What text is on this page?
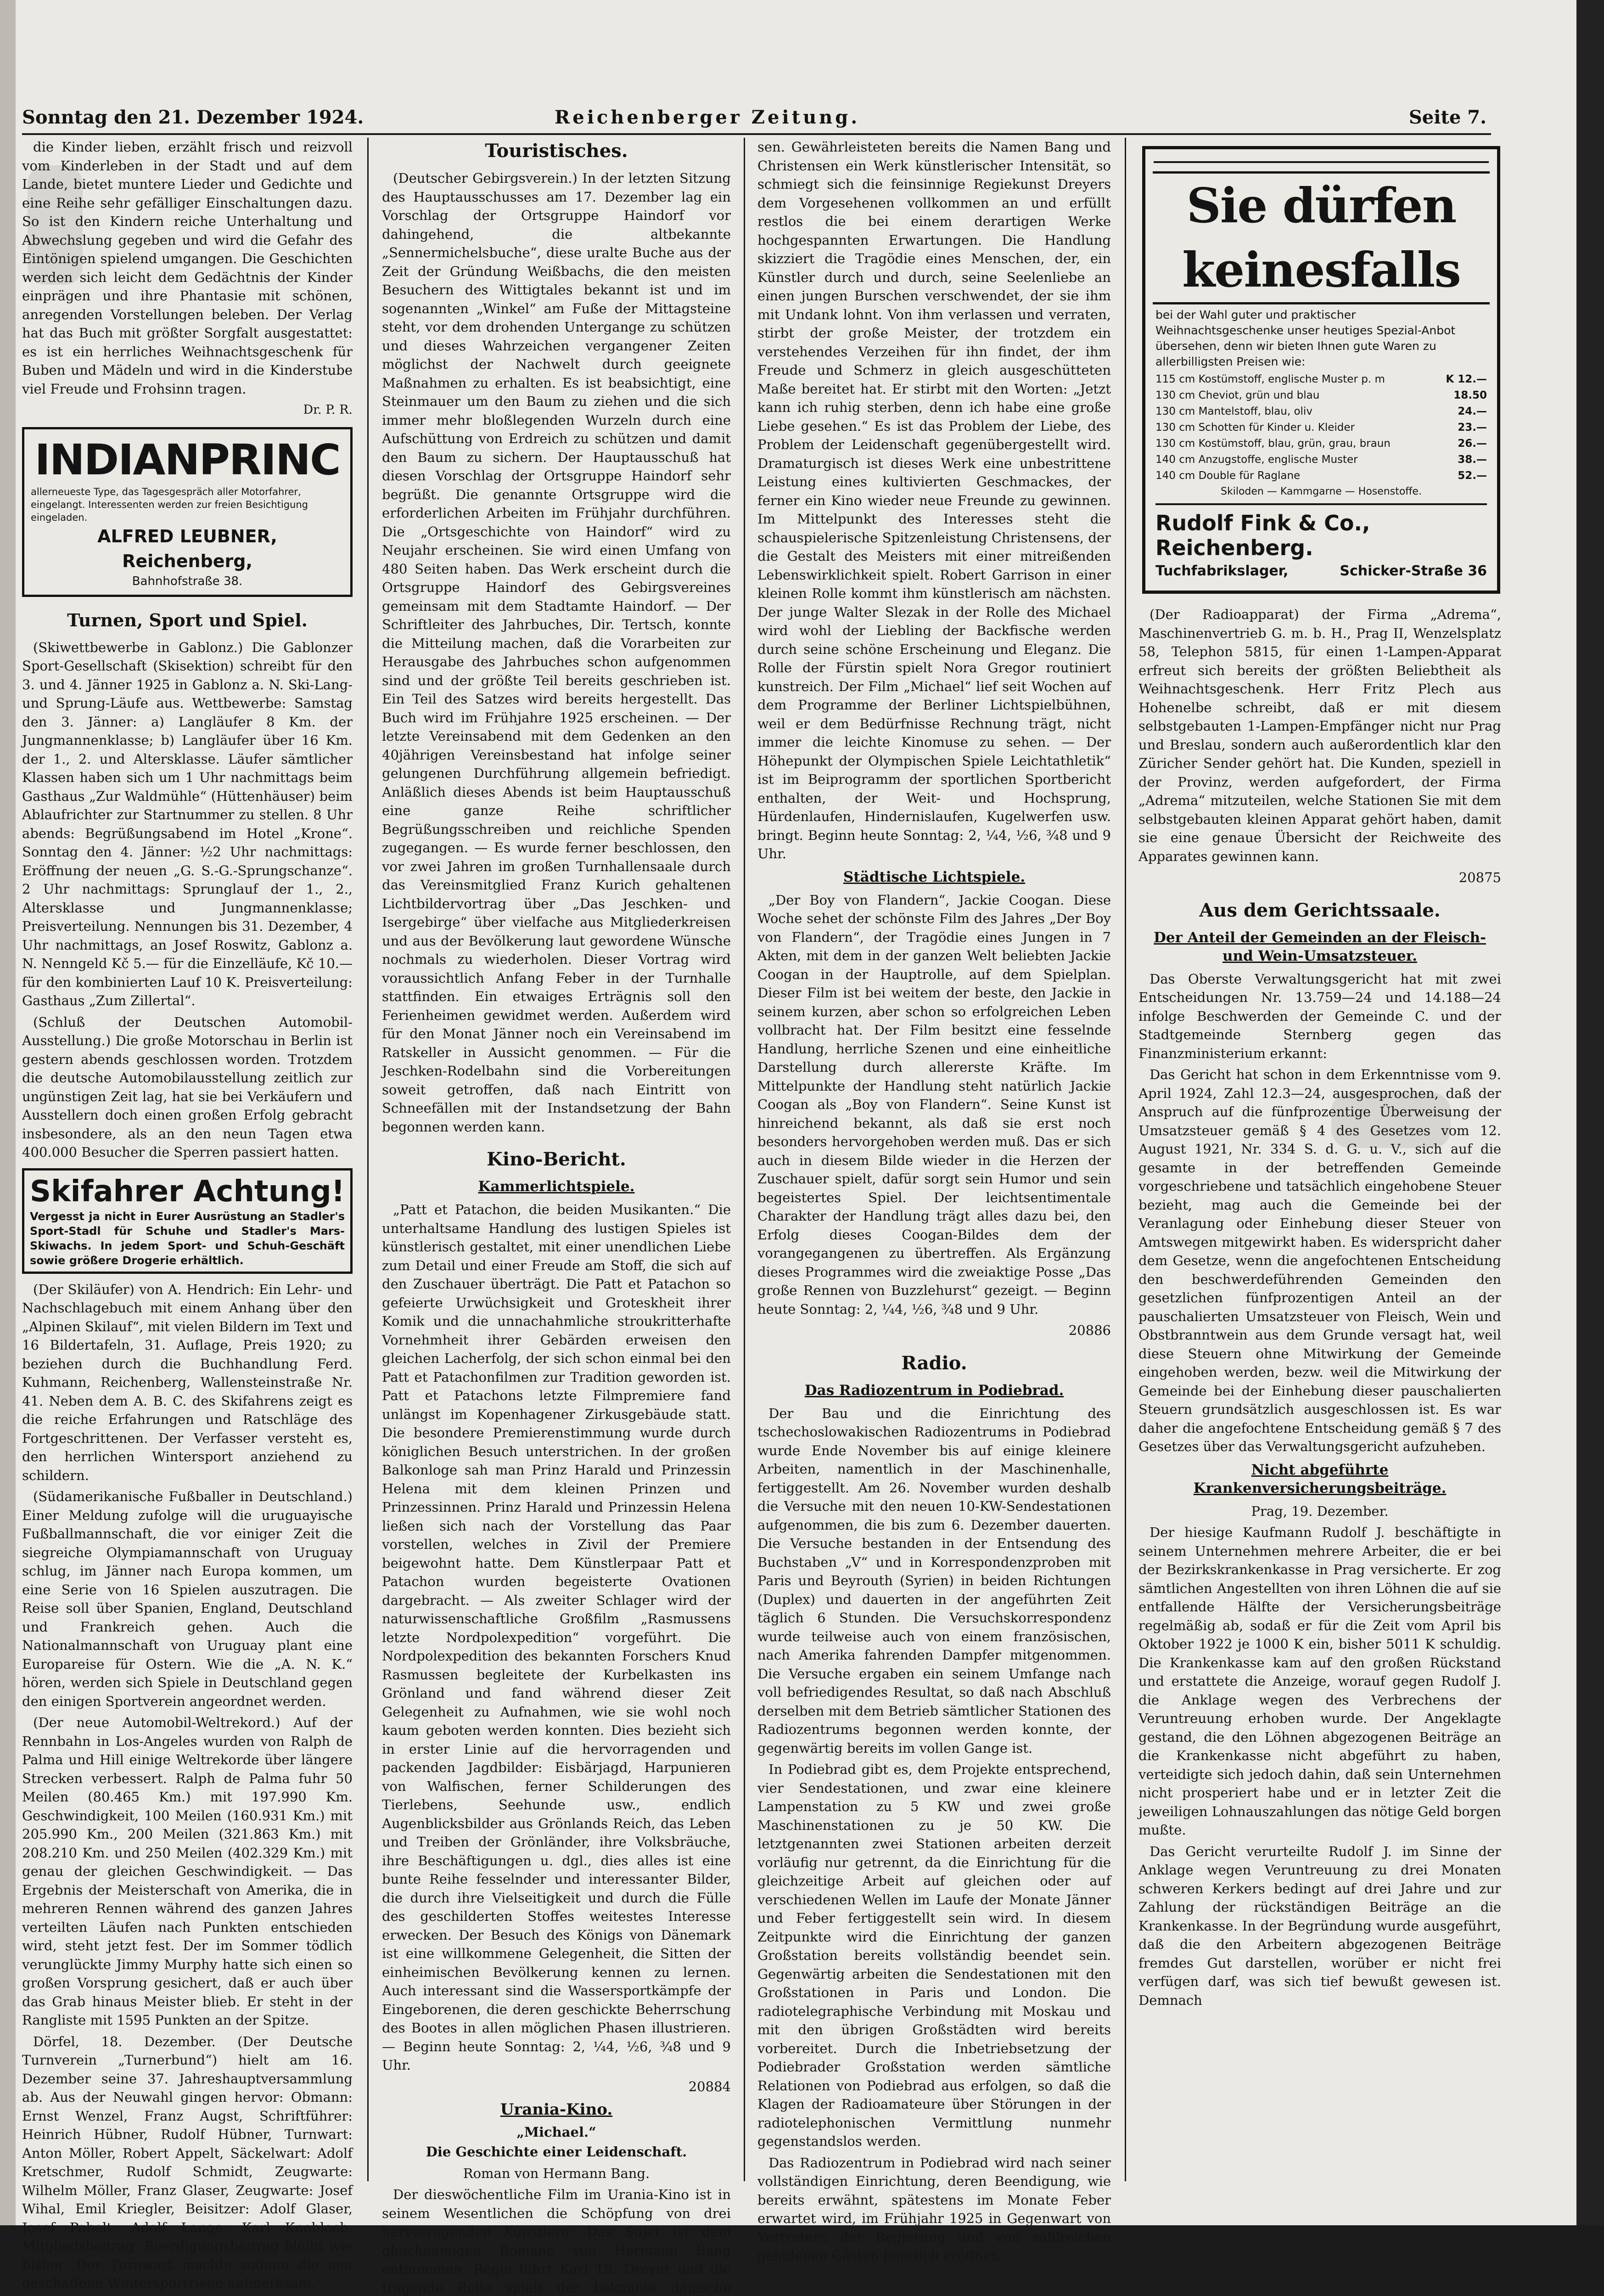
Sonntag den 21. Dezember 1924.	Reichenberger Zeitung.	Seite 7.

die Kinder lieben, erzählt frisch und reizvoll vom Kinderleben in der Stadt und auf dem Lande, bietet muntere Lieder und Gedichte und eine Reihe sehr gefälliger Einschaltungen dazu. So ist den Kindern reiche Unterhaltung und Abwechslung gegeben und wird die Gefahr des Eintönigen spielend umgangen. Die Geschichten werden sich leicht dem Gedächtnis der Kinder einprägen und ihre Phantasie mit schönen, anregenden Vorstellungen beleben. Der Verlag hat das Buch mit größter Sorgfalt ausgestattet: es ist ein herrliches Weihnachtsgeschenk für Buben und Mädeln und wird in die Kinderstube viel Freude und Frohsinn tragen.

Dr. P. R.

INDIANPRINC
allerneueste Type, das Tagesgespräch aller Motorfahrer, eingelangt. Interessenten werden zur freien Besichtigung eingeladen.
ALFRED LEUBNER, Reichenberg,
Bahnhofstraße 38.
Turnen, Sport und Spiel.

(Skiwettbewerbe in Gablonz.) Die Gablonzer Sport-Gesellschaft (Skisektion) schreibt für den 3. und 4. Jänner 1925 in Gablonz a. N. Ski-Lang- und Sprung-Läufe aus. Wettbewerbe: Samstag den 3. Jänner: a) Langläufer 8 Km. der Jungmannenklasse; b) Langläufer über 16 Km. der 1., 2. und Altersklasse. Läufer sämtlicher Klassen haben sich um 1 Uhr nachmittags beim Gasthaus „Zur Waldmühle“ (Hüttenhäuser) beim Ablaufrichter zur Startnummer zu stellen. 8 Uhr abends: Begrüßungsabend im Hotel „Krone“. Sonntag den 4. Jänner: ½2 Uhr nachmittags: Eröffnung der neuen „G. S.-G.-Sprungschanze“. 2 Uhr nachmittags: Sprunglauf der 1., 2., Altersklasse und Jungmannenklasse; Preisverteilung. Nennungen bis 31. Dezember, 4 Uhr nachmittags, an Josef Roswitz, Gablonz a. N. Nenngeld Kč 5.— für die Einzelläufe, Kč 10.— für den kombinierten Lauf 10 K. Preisverteilung: Gasthaus „Zum Zillertal“.

(Schluß der Deutschen Automobil-Ausstellung.) Die große Motorschau in Berlin ist gestern abends geschlossen worden. Trotzdem die deutsche Automobilausstellung zeitlich zur ungünstigen Zeit lag, hat sie bei Verkäufern und Ausstellern doch einen großen Erfolg gebracht insbesondere, als an den neun Tagen etwa 400.000 Besucher die Sperren passiert hatten.

Skifahrer Achtung!
Vergesst ja nicht in Eurer Ausrüstung an Stadler's Sport-Stadl für Schuhe und Stadler's Mars-Skiwachs. In jedem Sport- und Schuh-Geschäft sowie größere Drogerie erhältlich.

(Der Skiläufer) von A. Hendrich: Ein Lehr- und Nachschlagebuch mit einem Anhang über den „Alpinen Skilauf“, mit vielen Bildern im Text und 16 Bildertafeln, 31. Auflage, Preis 1920; zu beziehen durch die Buchhandlung Ferd. Kuhmann, Reichenberg, Wallensteinstraße Nr. 41. Neben dem A. B. C. des Skifahrens zeigt es die reiche Erfahrungen und Ratschläge des Fortgeschrittenen. Der Verfasser versteht es, den herrlichen Wintersport anziehend zu schildern.

(Südamerikanische Fußballer in Deutschland.) Einer Meldung zufolge will die uruguayische Fußballmannschaft, die vor einiger Zeit die siegreiche Olympiamannschaft von Uruguay schlug, im Jänner nach Europa kommen, um eine Serie von 16 Spielen auszutragen. Die Reise soll über Spanien, England, Deutschland und Frankreich gehen. Auch die Nationalmannschaft von Uruguay plant eine Europareise für Ostern. Wie die „A. N. K.“ hören, werden sich Spiele in Deutschland gegen den einigen Sportverein angeordnet werden.

(Der neue Automobil-Weltrekord.) Auf der Rennbahn in Los-Angeles wurden von Ralph de Palma und Hill einige Weltrekorde über längere Strecken verbessert. Ralph de Palma fuhr 50 Meilen (80.465 Km.) mit 197.990 Km. Geschwindigkeit, 100 Meilen (160.931 Km.) mit 205.990 Km., 200 Meilen (321.863 Km.) mit 208.210 Km. und 250 Meilen (402.329 Km.) mit genau der gleichen Geschwindigkeit. — Das Ergebnis der Meisterschaft von Amerika, die in mehreren Rennen während des ganzen Jahres verteilten Läufen nach Punkten entschieden wird, steht jetzt fest. Der im Sommer tödlich verunglückte Jimmy Murphy hatte sich einen so großen Vorsprung gesichert, daß er auch über das Grab hinaus Meister blieb. Er steht in der Rangliste mit 1595 Punkten an der Spitze.

Dörfel, 18. Dezember. (Der Deutsche Turnverein „Turnerbund“) hielt am 16. Dezember seine 37. Jahreshauptversammlung ab. Aus der Neuwahl gingen hervor: Obmann: Ernst Wenzel, Franz Augst, Schriftführer: Heinrich Hübner, Rudolf Hübner, Turnwart: Anton Möller, Robert Appelt, Säckelwart: Adolf Kretschmer, Rudolf Schmidt, Zeugwarte: Wilhelm Möller, Franz Glaser, Zeugwarte: Josef Wihal, Emil Kriegler, Beisitzer: Adolf Glaser, Josef Pabelt, Adolf Lange, Karl Knobloch. Mitgliedsbeitrag, Beerdigungsbeitrag bleibt wie bisher. Der Turnwart machte sodann die neu geschaffene Wintersportriege aufmerksam.

Touristisches.

(Deutscher Gebirgsverein.) In der letzten Sitzung des Hauptausschusses am 17. Dezember lag ein Vorschlag der Ortsgruppe Haindorf vor dahingehend, die altbekannte „Sennermichelsbuche“, diese uralte Buche aus der Zeit der Gründung Weißbachs, die den meisten Besuchern des Wittigtales bekannt ist und im sogenannten „Winkel“ am Fuße der Mittagsteine steht, vor dem drohenden Untergange zu schützen und dieses Wahrzeichen vergangener Zeiten möglichst der Nachwelt durch geeignete Maßnahmen zu erhalten. Es ist beabsichtigt, eine Steinmauer um den Baum zu ziehen und die sich immer mehr bloßlegenden Wurzeln durch eine Aufschüttung von Erdreich zu schützen und damit den Baum zu sichern. Der Hauptausschuß hat diesen Vorschlag der Ortsgruppe Haindorf sehr begrüßt. Die genannte Ortsgruppe wird die erforderlichen Arbeiten im Frühjahr durchführen. Die „Ortsgeschichte von Haindorf“ wird zu Neujahr erscheinen. Sie wird einen Umfang von 480 Seiten haben. Das Werk erscheint durch die Ortsgruppe Haindorf des Gebirgsvereines gemeinsam mit dem Stadtamte Haindorf. — Der Schriftleiter des Jahrbuches, Dir. Tertsch, konnte die Mitteilung machen, daß die Vorarbeiten zur Herausgabe des Jahrbuches schon aufgenommen sind und der größte Teil bereits geschrieben ist. Ein Teil des Satzes wird bereits hergestellt. Das Buch wird im Frühjahre 1925 erscheinen. — Der letzte Vereinsabend mit dem Gedenken an den 40jährigen Vereinsbestand hat infolge seiner gelungenen Durchführung allgemein befriedigt. Anläßlich dieses Abends ist beim Hauptausschuß eine ganze Reihe schriftlicher Begrüßungsschreiben und reichliche Spenden zugegangen. — Es wurde ferner beschlossen, den vor zwei Jahren im großen Turnhallensaale durch das Vereinsmitglied Franz Kurich gehaltenen Lichtbildervortrag über „Das Jeschken- und Isergebirge“ über vielfache aus Mitgliederkreisen und aus der Bevölkerung laut gewordene Wünsche nochmals zu wiederholen. Dieser Vortrag wird voraussichtlich Anfang Feber in der Turnhalle stattfinden. Ein etwaiges Erträgnis soll den Ferienheimen gewidmet werden. Außerdem wird für den Monat Jänner noch ein Vereinsabend im Ratskeller in Aussicht genommen. — Für die Jeschken-Rodelbahn sind die Vorbereitungen soweit getroffen, daß nach Eintritt von Schneefällen mit der Instandsetzung der Bahn begonnen werden kann.

Kino-Bericht.
Kammerlichtspiele.

„Patt et Patachon, die beiden Musikanten.“ Die unterhaltsame Handlung des lustigen Spieles ist künstlerisch gestaltet, mit einer unendlichen Liebe zum Detail und einer Freude am Stoff, die sich auf den Zuschauer überträgt. Die Patt et Patachon so gefeierte Urwüchsigkeit und Groteskheit ihrer Komik und die unnachahmliche stroukritterhafte Vornehmheit ihrer Gebärden erweisen den gleichen Lacherfolg, der sich schon einmal bei den Patt et Patachonfilmen zur Tradition geworden ist. Patt et Patachons letzte Filmpremiere fand unlängst im Kopenhagener Zirkusgebäude statt. Die besondere Premierenstimmung wurde durch königlichen Besuch unterstrichen. In der großen Balkonloge sah man Prinz Harald und Prinzessin Helena mit dem kleinen Prinzen und Prinzessinnen. Prinz Harald und Prinzessin Helena ließen sich nach der Vorstellung das Paar vorstellen, welches in Zivil der Premiere beigewohnt hatte. Dem Künstlerpaar Patt et Patachon wurden begeisterte Ovationen dargebracht. — Als zweiter Schlager wird der naturwissenschaftliche Großfilm „Rasmussens letzte Nordpolexpedition“ vorgeführt. Die Nordpolexpedition des bekannten Forschers Knud Rasmussen begleitete der Kurbelkasten ins Grönland und fand während dieser Zeit Gelegenheit zu Aufnahmen, wie sie wohl noch kaum geboten werden konnten. Dies bezieht sich in erster Linie auf die hervorragenden und packenden Jagdbilder: Eisbärjagd, Harpunieren von Walfischen, ferner Schilderungen des Tierlebens, Seehunde usw., endlich Augenblicksbilder aus Grönlands Reich, das Leben und Treiben der Grönländer, ihre Volksbräuche, ihre Beschäftigungen u. dgl., dies alles ist eine bunte Reihe fesselnder und interessanter Bilder, die durch ihre Vielseitigkeit und durch die Fülle des geschilderten Stoffes weitestes Interesse erwecken. Der Besuch des Königs von Dänemark ist eine willkommene Gelegenheit, die Sitten der einheimischen Bevölkerung kennen zu lernen. Auch interessant sind die Wassersportkämpfe der Eingeborenen, die deren geschickte Beherrschung des Bootes in allen möglichen Phasen illustrieren. — Beginn heute Sonntag: 2, ¼4, ½6, ¾8 und 9 Uhr.

20884

Urania-Kino.
„Michael.“

Die Geschichte einer Leidenschaft.

Roman von Hermann Bang.

Der dieswöchentliche Film im Urania-Kino ist in seinem Wesentlichen die Schöpfung von drei hervorragenden Künstlern: Das Sujet ist dem gleichnamigen Romane von Hermann Bang entnommen, Regie führt Karl Th. Dreyer und die tragende Rolle spielt der bekannte dänische

sen. Gewährleisteten bereits die Namen Bang und Christensen ein Werk künstlerischer Intensität, so schmiegt sich die feinsinnige Regiekunst Dreyers dem Vorgesehenen vollkommen an und erfüllt restlos die bei einem derartigen Werke hochgespannten Erwartungen. Die Handlung skizziert die Tragödie eines Menschen, der, ein Künstler durch und durch, seine Seelenliebe an einen jungen Burschen verschwendet, der sie ihm mit Undank lohnt. Von ihm verlassen und verraten, stirbt der große Meister, der trotzdem ein verstehendes Verzeihen für ihn findet, der ihm Freude und Schmerz in gleich ausgeschütteten Maße bereitet hat. Er stirbt mit den Worten: „Jetzt kann ich ruhig sterben, denn ich habe eine große Liebe gesehen.“ Es ist das Problem der Liebe, des Problem der Leidenschaft gegenübergestellt wird. Dramaturgisch ist dieses Werk eine unbestrittene Leistung eines kultivierten Geschmackes, der ferner ein Kino wieder neue Freunde zu gewinnen. Im Mittelpunkt des Interesses steht die schauspielerische Spitzenleistung Christensens, der die Gestalt des Meisters mit einer mitreißenden Lebenswirklichkeit spielt. Robert Garrison in einer kleinen Rolle kommt ihm künstlerisch am nächsten. Der junge Walter Slezak in der Rolle des Michael wird wohl der Liebling der Backfische werden durch seine schöne Erscheinung und Eleganz. Die Rolle der Fürstin spielt Nora Gregor routiniert kunstreich. Der Film „Michael“ lief seit Wochen auf dem Programme der Berliner Lichtspielbühnen, weil er dem Bedürfnisse Rechnung trägt, nicht immer die leichte Kinomuse zu sehen. — Der Höhepunkt der Olympischen Spiele Leichtathletik“ ist im Beiprogramm der sportlichen Sportbericht enthalten, der Weit- und Hochsprung, Hürdenlaufen, Hindernislaufen, Kugelwerfen usw. bringt. Beginn heute Sonntag: 2, ¼4, ½6, ¾8 und 9 Uhr.

Städtische Lichtspiele.

„Der Boy von Flandern“, Jackie Coogan. Diese Woche sehet der schönste Film des Jahres „Der Boy von Flandern“, der Tragödie eines Jungen in 7 Akten, mit dem in der ganzen Welt beliebten Jackie Coogan in der Hauptrolle, auf dem Spielplan. Dieser Film ist bei weitem der beste, den Jackie in seinem kurzen, aber schon so erfolgreichen Leben vollbracht hat. Der Film besitzt eine fesselnde Handlung, herrliche Szenen und eine einheitliche Darstellung durch allererste Kräfte. Im Mittelpunkte der Handlung steht natürlich Jackie Coogan als „Boy von Flandern“. Seine Kunst ist hinreichend bekannt, als daß sie erst noch besonders hervorgehoben werden muß. Das er sich auch in diesem Bilde wieder in die Herzen der Zuschauer spielt, dafür sorgt sein Humor und sein begeistertes Spiel. Der leichtsentimentale Charakter der Handlung trägt alles dazu bei, den Erfolg dieses Coogan-Bildes dem der vorangegangenen zu übertreffen. Als Ergänzung dieses Programmes wird die zweiaktige Posse „Das große Rennen von Buzzlehurst“ gezeigt. — Beginn heute Sonntag: 2, ¼4, ½6, ¾8 und 9 Uhr.

20886

Radio.
Das Radiozentrum in Podiebrad.

Der Bau und die Einrichtung des tschechoslowakischen Radiozentrums in Podiebrad wurde Ende November bis auf einige kleinere Arbeiten, namentlich in der Maschinenhalle, fertiggestellt. Am 26. November wurden deshalb die Versuche mit den neuen 10-KW-Sendestationen aufgenommen, die bis zum 6. Dezember dauerten. Die Versuche bestanden in der Entsendung des Buchstaben „V“ und in Korrespondenzproben mit Paris und Beyrouth (Syrien) in beiden Richtungen (Duplex) und dauerten in der angeführten Zeit täglich 6 Stunden. Die Versuchskorrespondenz wurde teilweise auch von einem französischen, nach Amerika fahrenden Dampfer mitgenommen. Die Versuche ergaben ein seinem Umfange nach voll befriedigendes Resultat, so daß nach Abschluß derselben mit dem Betrieb sämtlicher Stationen des Radiozentrums begonnen werden konnte, der gegenwärtig bereits im vollen Gange ist.

In Podiebrad gibt es, dem Projekte entsprechend, vier Sendestationen, und zwar eine kleinere Lampenstation zu 5 KW und zwei große Maschinenstationen zu je 50 KW. Die letztgenannten zwei Stationen arbeiten derzeit vorläufig nur getrennt, da die Einrichtung für die gleichzeitige Arbeit auf gleichen oder auf verschiedenen Wellen im Laufe der Monate Jänner und Feber fertiggestellt sein wird. In diesem Zeitpunkte wird die Einrichtung der ganzen Großstation bereits vollständig beendet sein. Gegenwärtig arbeiten die Sendestationen mit den Großstationen in Paris und London. Die radiotelegraphische Verbindung mit Moskau und mit den übrigen Großstädten wird bereits vorbereitet. Durch die Inbetriebsetzung der Podiebrader Großstation werden sämtliche Relationen von Podiebrad aus erfolgen, so daß die Klagen der Radioamateure über Störungen in der radiotelephonischen Vermittlung nunmehr gegenstandslos werden.

Das Radiozentrum in Podiebrad wird nach seiner vollständigen Einrichtung, deren Beendigung, wie bereits erwähnt, spätestens im Monate Feber erwartet wird, im Frühjahr 1925 in Gegenwart von Vertretern der Regierung und von zahlreichen geladenen Gästen feierlich eröffnet.

Sie dürfen keinesfalls
bei der Wahl guter und praktischer Weihnachtsgeschenke unser heutiges Spezial-Anbot übersehen, denn wir bieten Ihnen gute Waren zu allerbilligsten Preisen wie:
115 cm Kostümstoff, englische Muster p. m	K 12.—
130 cm Cheviot, grün und blau	18.50
130 cm Mantelstoff, blau, oliv	24.—
130 cm Schotten für Kinder u. Kleider	23.—
130 cm Kostümstoff, blau, grün, grau, braun	26.—
140 cm Anzugstoffe, englische Muster	38.—
140 cm Double für Raglane	52.—
Skiloden — Kammgarne — Hosenstoffe.
Rudolf Fink & Co., Reichenberg.
Tuchfabrikslager,	Schicker-Straße 36

(Der Radioapparat) der Firma „Adrema“, Maschinenvertrieb G. m. b. H., Prag II, Wenzelsplatz 58, Telephon 5815, für einen 1-Lampen-Apparat erfreut sich bereits der größten Beliebtheit als Weihnachtsgeschenk. Herr Fritz Plech aus Hohenelbe schreibt, daß er mit diesem selbstgebauten 1-Lampen-Empfänger nicht nur Prag und Breslau, sondern auch außerordentlich klar den Züricher Sender gehört hat. Die Kunden, speziell in der Provinz, werden aufgefordert, der Firma „Adrema“ mitzuteilen, welche Stationen Sie mit dem selbstgebauten kleinen Apparat gehört haben, damit sie eine genaue Übersicht der Reichweite des Apparates gewinnen kann.

20875

Aus dem Gerichtssaale.
Der Anteil der Gemeinden an der Fleisch- und Wein-Umsatzsteuer.

Das Oberste Verwaltungsgericht hat mit zwei Entscheidungen Nr. 13.759—24 und 14.188—24 infolge Beschwerden der Gemeinde C. und der Stadtgemeinde Sternberg gegen das Finanzministerium erkannt:

Das Gericht hat schon in dem Erkenntnisse vom 9. April 1924, Zahl 12.3—24, ausgesprochen, daß der Anspruch auf die fünfprozentige Überweisung der Umsatzsteuer gemäß § 4 des Gesetzes vom 12. August 1921, Nr. 334 S. d. G. u. V., sich auf die gesamte in der betreffenden Gemeinde vorgeschriebene und tatsächlich eingehobene Steuer bezieht, mag auch die Gemeinde bei der Veranlagung oder Einhebung dieser Steuer von Amtswegen mitgewirkt haben. Es widerspricht daher dem Gesetze, wenn die angefochtenen Entscheidung den beschwerdeführenden Gemeinden den gesetzlichen fünfprozentigen Anteil an der pauschalierten Umsatzsteuer von Fleisch, Wein und Obstbranntwein aus dem Grunde versagt hat, weil diese Steuern ohne Mitwirkung der Gemeinde eingehoben werden, bezw. weil die Mitwirkung der Gemeinde bei der Einhebung dieser pauschalierten Steuern grundsätzlich ausgeschlossen ist. Es war daher die angefochtene Entscheidung gemäß § 7 des Gesetzes über das Verwaltungsgericht aufzuheben.

Nicht abgeführte Krankenversicherungsbeiträge.

Prag, 19. Dezember.

Der hiesige Kaufmann Rudolf J. beschäftigte in seinem Unternehmen mehrere Arbeiter, die er bei der Bezirkskrankenkasse in Prag versicherte. Er zog sämtlichen Angestellten von ihren Löhnen die auf sie entfallende Hälfte der Versicherungsbeiträge regelmäßig ab, sodaß er für die Zeit vom April bis Oktober 1922 je 1000 K ein, bisher 5011 K schuldig. Die Krankenkasse kam auf den großen Rückstand und erstattete die Anzeige, worauf gegen Rudolf J. die Anklage wegen des Verbrechens der Veruntreuung erhoben wurde. Der Angeklagte gestand, die den Löhnen abgezogenen Beiträge an die Krankenkasse nicht abgeführt zu haben, verteidigte sich jedoch dahin, daß sein Unternehmen nicht prosperiert habe und er in letzter Zeit die jeweiligen Lohnauszahlungen das nötige Geld borgen mußte.

Das Gericht verurteilte Rudolf J. im Sinne der Anklage wegen Veruntreuung zu drei Monaten schweren Kerkers bedingt auf drei Jahre und zur Zahlung der rückständigen Beiträge an die Krankenkasse. In der Begründung wurde ausgeführt, daß die den Arbeitern abgezogenen Beiträge fremdes Gut darstellen, worüber er nicht frei verfügen darf, was sich tief bewußt gewesen ist. Demnach
